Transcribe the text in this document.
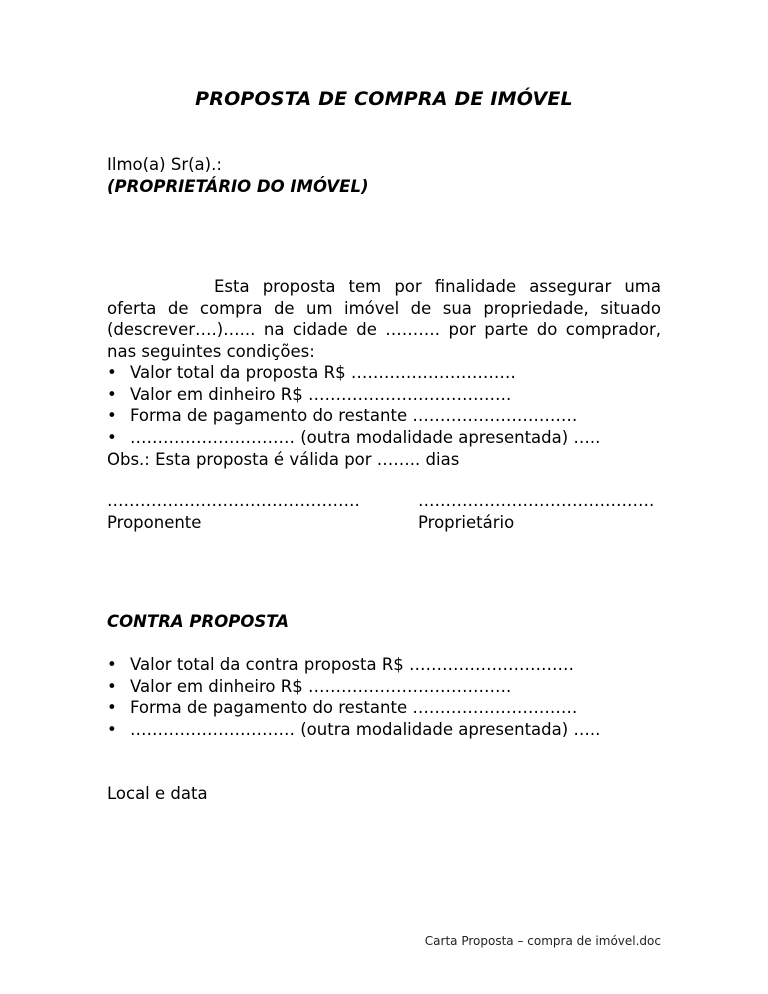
PROPOSTA DE COMPRA DE IMÓVEL
Ilmo(a) Sr(a).:
(PROPRIETÁRIO DO IMÓVEL)
Esta proposta tem por finalidade assegurar uma oferta de compra de um imóvel de sua propriedade, situado (descrever….)…... na cidade de ………. por parte do comprador, nas seguintes condições:
• Valor total da proposta R$ …………………………
• Valor em dinheiro R$ ……………………………….
• Forma de pagamento do restante …………………………
• ………………………… (outra modalidade apresentada) …..
Obs.: Esta proposta é válida por …….. dias
……………………………………….
Proponente
…………………………………….
Proprietário
CONTRA PROPOSTA
• Valor total da contra proposta R$ …………………………
• Valor em dinheiro R$ ……………………………….
• Forma de pagamento do restante …………………………
• ………………………… (outra modalidade apresentada) …..
Local e data
Carta Proposta – compra de imóvel.doc
